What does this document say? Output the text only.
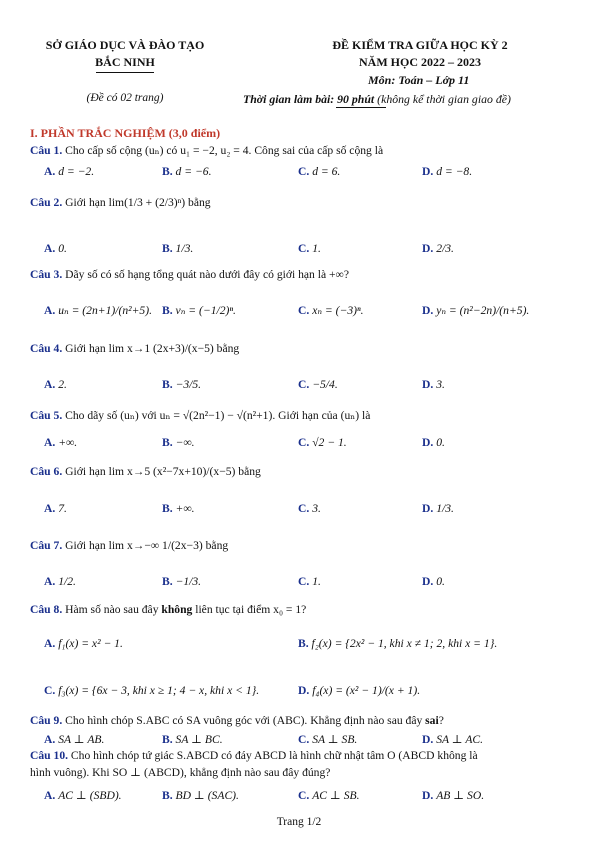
SỞ GIÁO DỤC VÀ ĐÀO TẠO
BẮC NINH
(Đề có 02 trang)
ĐỀ KIỂM TRA GIỮA HỌC KỲ 2
NĂM HỌC 2022 – 2023
Môn: Toán – Lớp 11
Thời gian làm bài: 90 phút (không kể thời gian giao đề)
I. PHẦN TRẮC NGHIỆM (3,0 điểm)
Câu 1. Cho cấp số cộng (uₙ) có u₁ = −2, u₂ = 4. Công sai của cấp số cộng là
A. d = −2.	B. d = −6.	C. d = 6.	D. d = −8.
Câu 2. Giới hạn lim(1/3 + (2/3)ⁿ) bằng
A. 0.	B. 1/3.	C. 1.	D. 2/3.
Câu 3. Dãy số có số hạng tổng quát nào dưới đây có giới hạn là +∞?
A. uₙ = (2n+1)/(n²+5). B. vₙ = (−1/2)ⁿ.	C. xₙ = (−3)ⁿ.	D. yₙ = (n²−2n)/(n+5).
Câu 4. Giới hạn lim x→1 (2x+3)/(x−5) bằng
A. 2.	B. −3/5.	C. −5/4.	D. 3.
Câu 5. Cho dãy số (uₙ) với uₙ = √(2n²−1) − √(n²+1). Giới hạn của (uₙ) là
A. +∞.	B. −∞.	C. √2 − 1.	D. 0.
Câu 6. Giới hạn lim x→5 (x²−7x+10)/(x−5) bằng
A. 7.	B. +∞.	C. 3.	D. 1/3.
Câu 7. Giới hạn lim x→−∞ 1/(2x−3) bằng
A. 1/2.	B. −1/3.	C. 1.	D. 0.
Câu 8. Hàm số nào sau đây không liên tục tại điểm x₀ = 1?
A. f₁(x) = x² − 1.	B. f₂(x) = {2x² − 1, khi x ≠ 1; 2, khi x = 1}.
C. f₃(x) = {6x − 3, khi x ≥ 1; 4 − x, khi x < 1}.	D. f₄(x) = (x² − 1)/(x + 1).
Câu 9. Cho hình chóp S.ABC có SA vuông góc với (ABC). Khẳng định nào sau đây sai?
A. SA ⊥ AB.	B. SA ⊥ BC.	C. SA ⊥ SB.	D. SA ⊥ AC.
Câu 10. Cho hình chóp tứ giác S.ABCD có đáy ABCD là hình chữ nhật tâm O (ABCD không là
hình vuông). Khi SO ⊥ (ABCD), khẳng định nào sau đây đúng?
A. AC ⊥ (SBD).	B. BD ⊥ (SAC).	C. AC ⊥ SB.	D. AB ⊥ SO.
Trang 1/2
